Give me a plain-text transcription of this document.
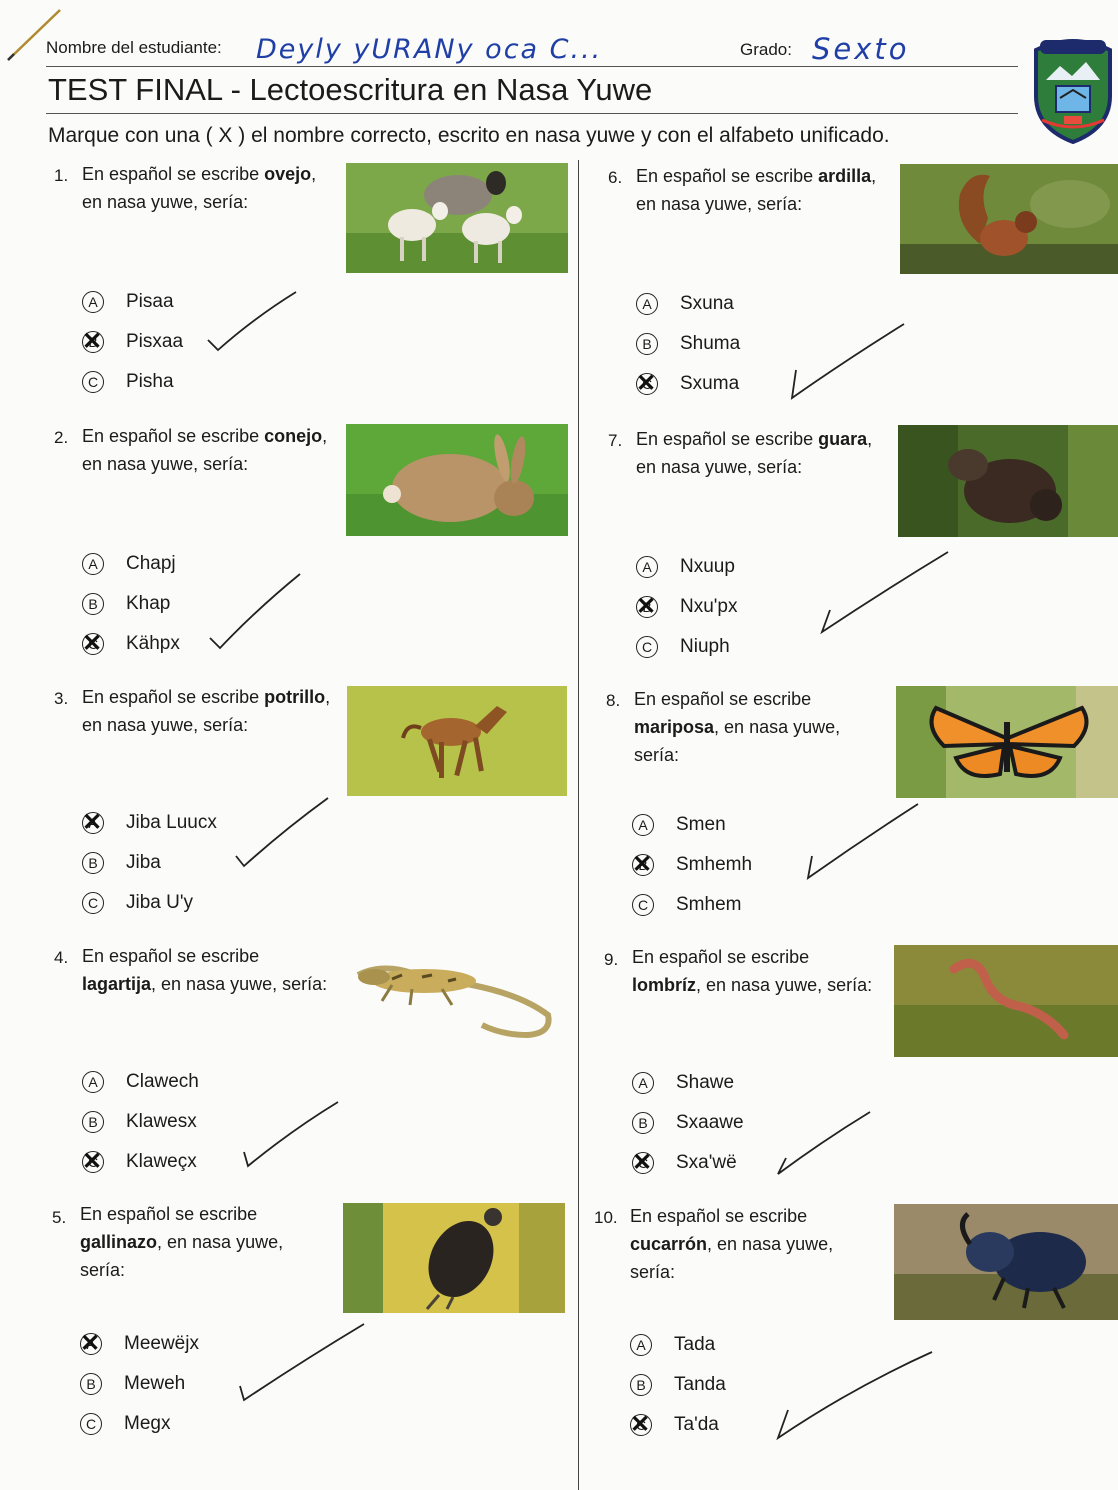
Nombre del estudiante: Deyly yURANy oca C...	Grado: Sexto
TEST FINAL - Lectoescritura en Nasa Yuwe
Marque con una ( X ) el nombre correcto, escrito en nasa yuwe y con el alfabeto unificado.
1. En español se escribe ovejo, en nasa yuwe, sería:
A	Pisaa
B ✕	Pisxaa
C	Pisha
2. En español se escribe conejo, en nasa yuwe, sería:
A	Chapj
B	Khap
C ✕	Kähpx
3. En español se escribe potrillo, en nasa yuwe, sería:
A ✕	Jiba Luucx
B	Jiba
C	Jiba U'y
4. En español se escribe lagartija, en nasa yuwe, sería:
A	Clawech
B	Klawesx
C ✕	Klaweçx
5. En español se escribe gallinazo, en nasa yuwe, sería:
A ✕	Meewëjx
B	Meweh
C	Megx
6. En español se escribe ardilla, en nasa yuwe, sería:
A	Sxuna
B	Shuma
C ✕	Sxuma
7. En español se escribe guara, en nasa yuwe, sería:
A	Nxuup
B ✕	Nxu'px
C	Niuph
8. En español se escribe
mariposa, en nasa yuwe, sería:
A	Smen
B ✕	Smhemh
C	Smhem
9. En español se escribe lombríz, en nasa yuwe, sería:
A	Shawe
B	Sxaawe
C ✕	Sxa'wë
10. En español se escribe
cucarrón, en nasa yuwe, sería:
A	Tada
B	Tanda
C ✕	Ta'da
